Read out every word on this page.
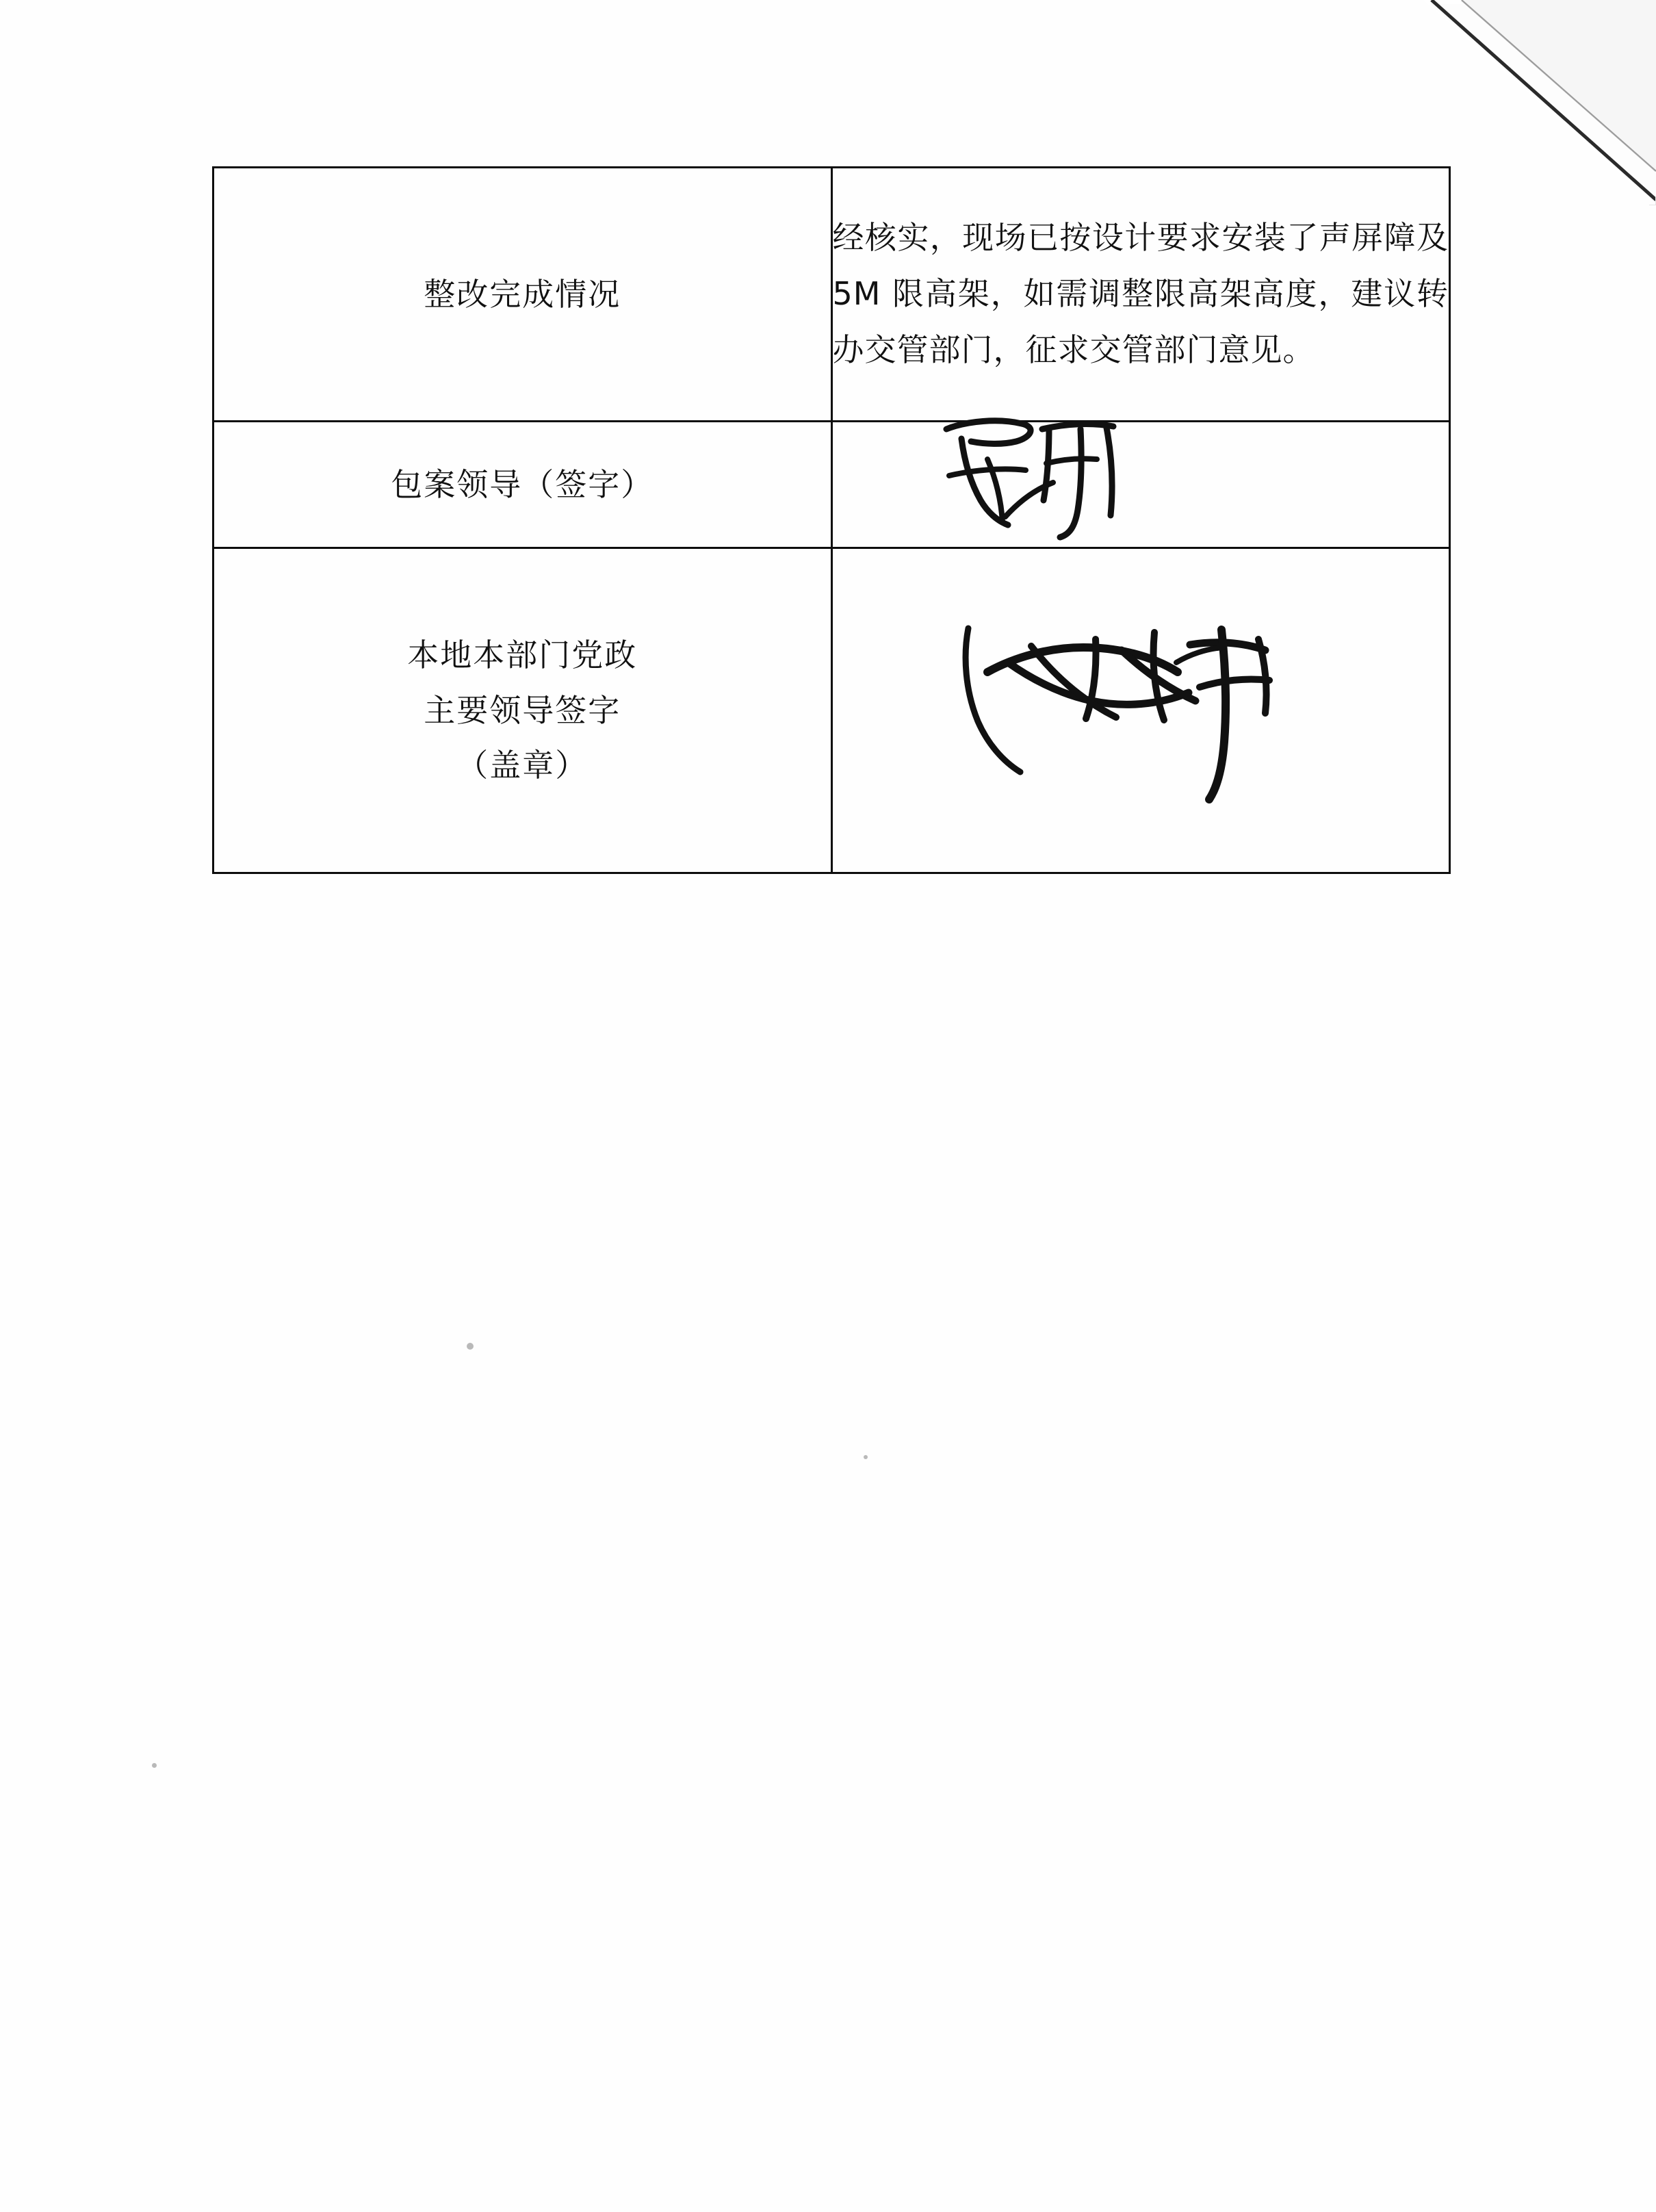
整改完成情况	经核实，现场已按设计要求安装了声屏障及 5M 限高架，如需调整限高架高度，建议转办交管部门，征求交管部门意见。

包案领导（签字）

本地本部门党政
主要领导签字
（盖章）
